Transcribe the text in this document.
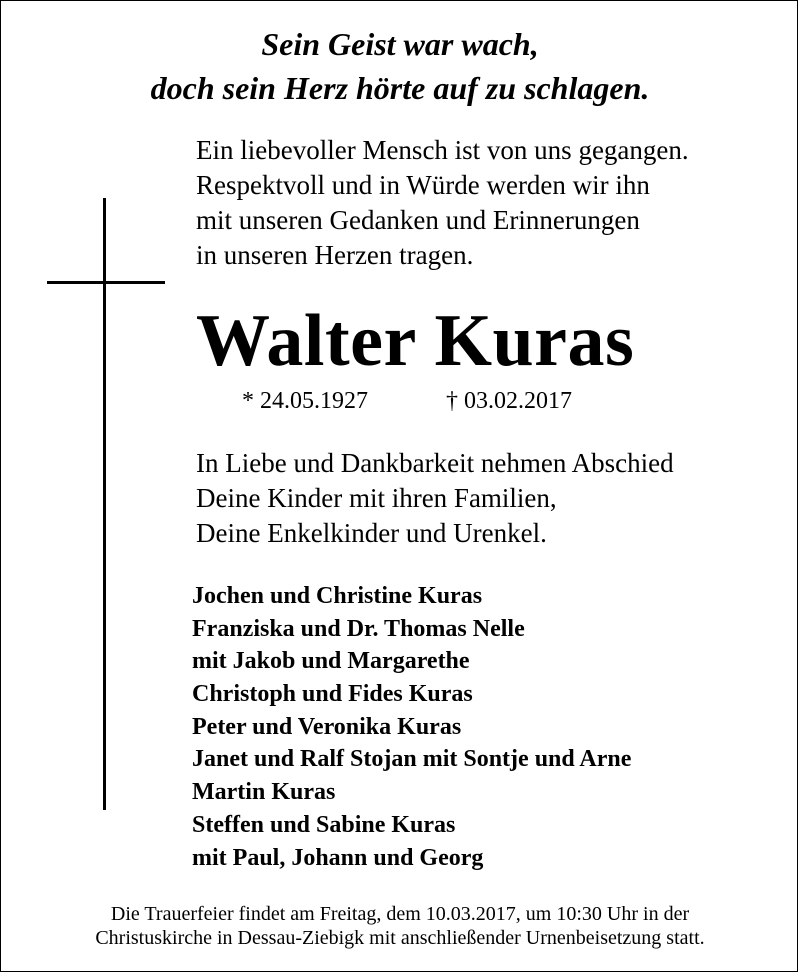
Sein Geist war wach,
doch sein Herz hörte auf zu schlagen.
Ein liebevoller Mensch ist von uns gegangen.
Respektvoll und in Würde werden wir ihn
mit unseren Gedanken und Erinnerungen
in unseren Herzen tragen.
Walter Kuras
* 24.05.1927	† 03.02.2017
In Liebe und Dankbarkeit nehmen Abschied
Deine Kinder mit ihren Familien,
Deine Enkelkinder und Urenkel.
Jochen und Christine Kuras
Franziska und Dr. Thomas Nelle
mit Jakob und Margarethe
Christoph und Fides Kuras
Peter und Veronika Kuras
Janet und Ralf Stojan mit Sontje und Arne
Martin Kuras
Steffen und Sabine Kuras
mit Paul, Johann und Georg
Die Trauerfeier findet am Freitag, dem 10.03.2017, um 10:30 Uhr in der
Christuskirche in Dessau-Ziebigk mit anschließender Urnenbeisetzung statt.
